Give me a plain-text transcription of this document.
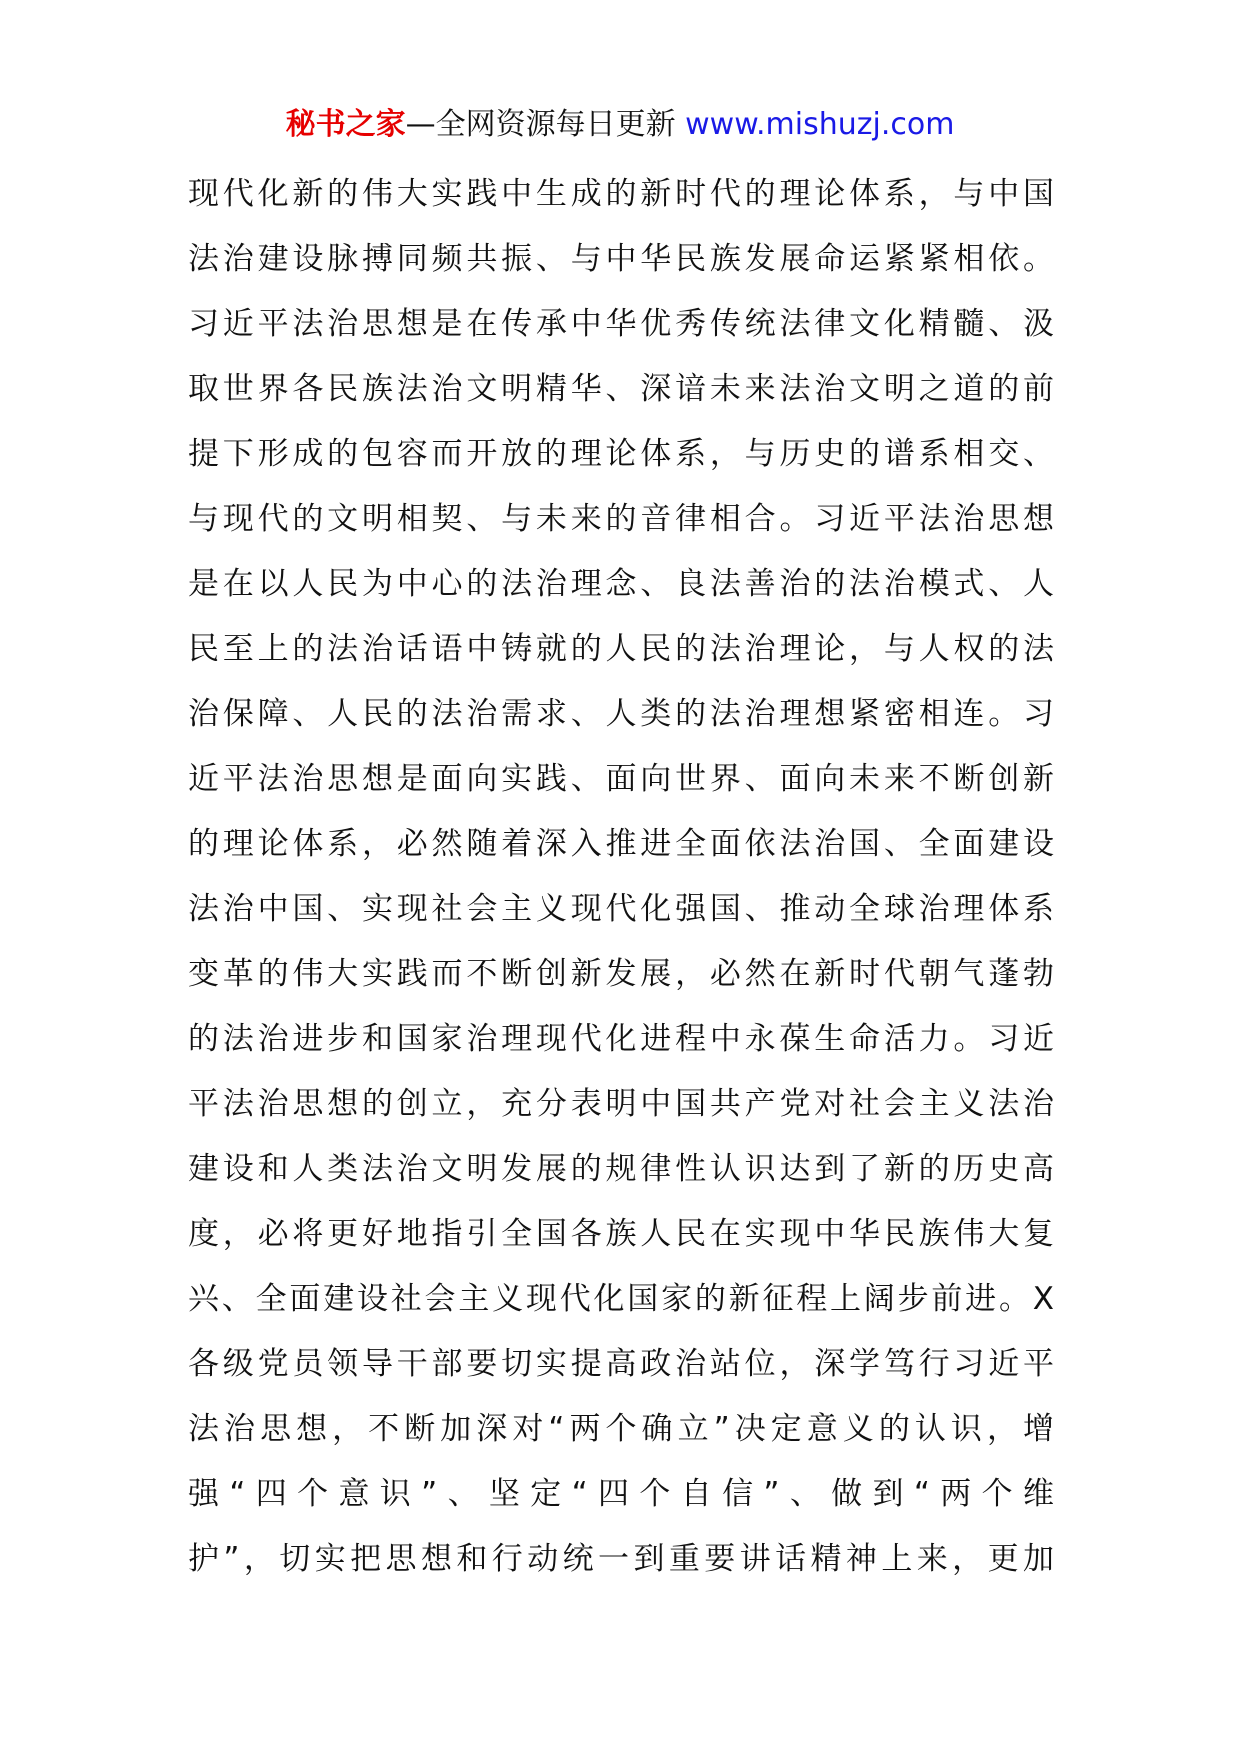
秘书之家—全网资源每日更新 www.mishuzj.com
现代化新的伟大实践中生成的新时代的理论体系，与中国
法治建设脉搏同频共振、与中华民族发展命运紧紧相依。
习近平法治思想是在传承中华优秀传统法律文化精髓、汲
取世界各民族法治文明精华、深谙未来法治文明之道的前
提下形成的包容而开放的理论体系，与历史的谱系相交、
与现代的文明相契、与未来的音律相合。习近平法治思想
是在以人民为中心的法治理念、良法善治的法治模式、人
民至上的法治话语中铸就的人民的法治理论，与人权的法
治保障、人民的法治需求、人类的法治理想紧密相连。习
近平法治思想是面向实践、面向世界、面向未来不断创新
的理论体系，必然随着深入推进全面依法治国、全面建设
法治中国、实现社会主义现代化强国、推动全球治理体系
变革的伟大实践而不断创新发展，必然在新时代朝气蓬勃
的法治进步和国家治理现代化进程中永葆生命活力。习近
平法治思想的创立，充分表明中国共产党对社会主义法治
建设和人类法治文明发展的规律性认识达到了新的历史高
度，必将更好地指引全国各族人民在实现中华民族伟大复
兴、全面建设社会主义现代化国家的新征程上阔步前进。X
各级党员领导干部要切实提高政治站位，深学笃行习近平
法治思想，不断加深对“两个确立”决定意义的认识，增
强“四个意识”、坚定“四个自信”、做到“两个维
护”，切实把思想和行动统一到重要讲话精神上来，更加
